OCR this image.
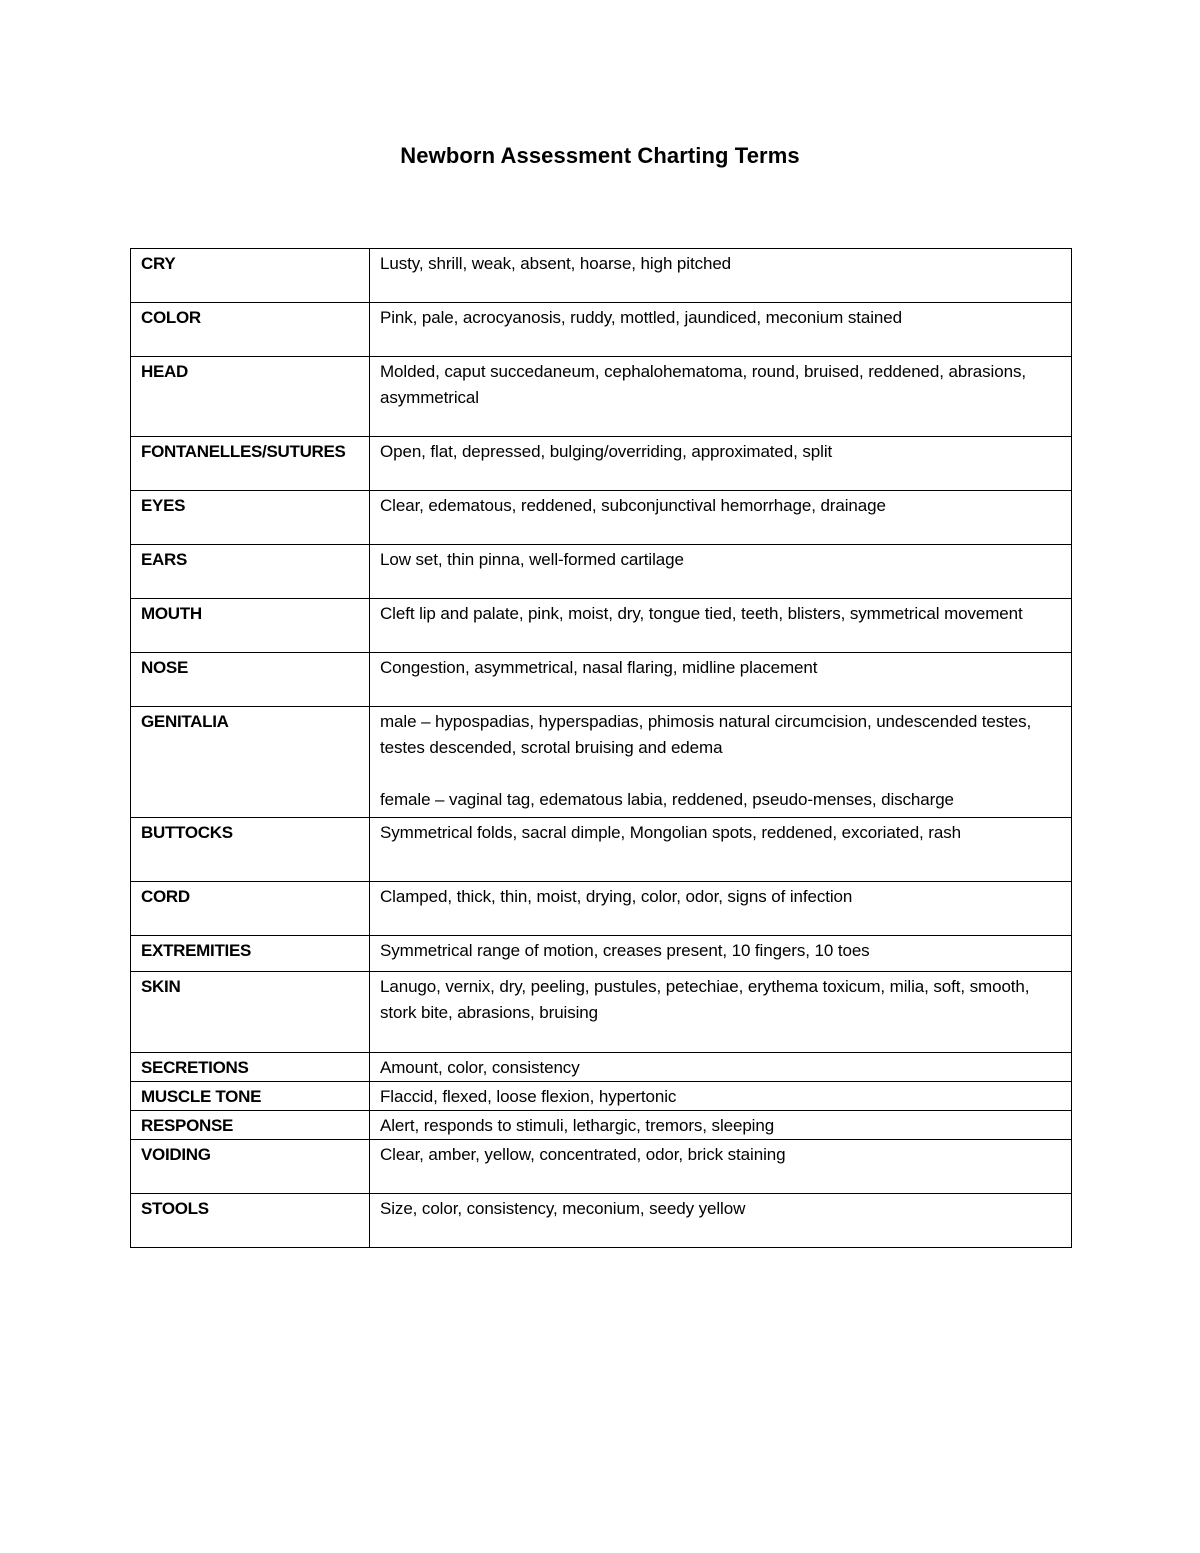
Newborn Assessment Charting Terms
CRY	Lusty, shrill, weak, absent, hoarse, high pitched
COLOR	Pink, pale, acrocyanosis, ruddy, mottled, jaundiced, meconium stained
HEAD	Molded, caput succedaneum, cephalohematoma, round, bruised, reddened, abrasions, asymmetrical
FONTANELLES/SUTURES	Open, flat, depressed, bulging/overriding, approximated, split
EYES	Clear, edematous, reddened, subconjunctival hemorrhage, drainage
EARS	Low set, thin pinna, well-formed cartilage
MOUTH	Cleft lip and palate, pink, moist, dry, tongue tied, teeth, blisters, symmetrical movement
NOSE	Congestion, asymmetrical, nasal flaring, midline placement
GENITALIA	male – hypospadias, hyperspadias, phimosis natural circumcision, undescended testes, testes descended, scrotal bruising and edema
female – vaginal tag, edematous labia, reddened, pseudo-menses, discharge

BUTTOCKS	Symmetrical folds, sacral dimple, Mongolian spots, reddened, excoriated, rash
CORD	Clamped, thick, thin, moist, drying, color, odor, signs of infection
EXTREMITIES	Symmetrical range of motion, creases present, 10 fingers, 10 toes
SKIN	Lanugo, vernix, dry, peeling, pustules, petechiae, erythema toxicum, milia, soft, smooth, stork bite, abrasions, bruising
SECRETIONS	Amount, color, consistency
MUSCLE TONE	Flaccid, flexed, loose flexion, hypertonic
RESPONSE	Alert, responds to stimuli, lethargic, tremors, sleeping
VOIDING	Clear, amber, yellow, concentrated, odor, brick staining
STOOLS	Size, color, consistency, meconium, seedy yellow
